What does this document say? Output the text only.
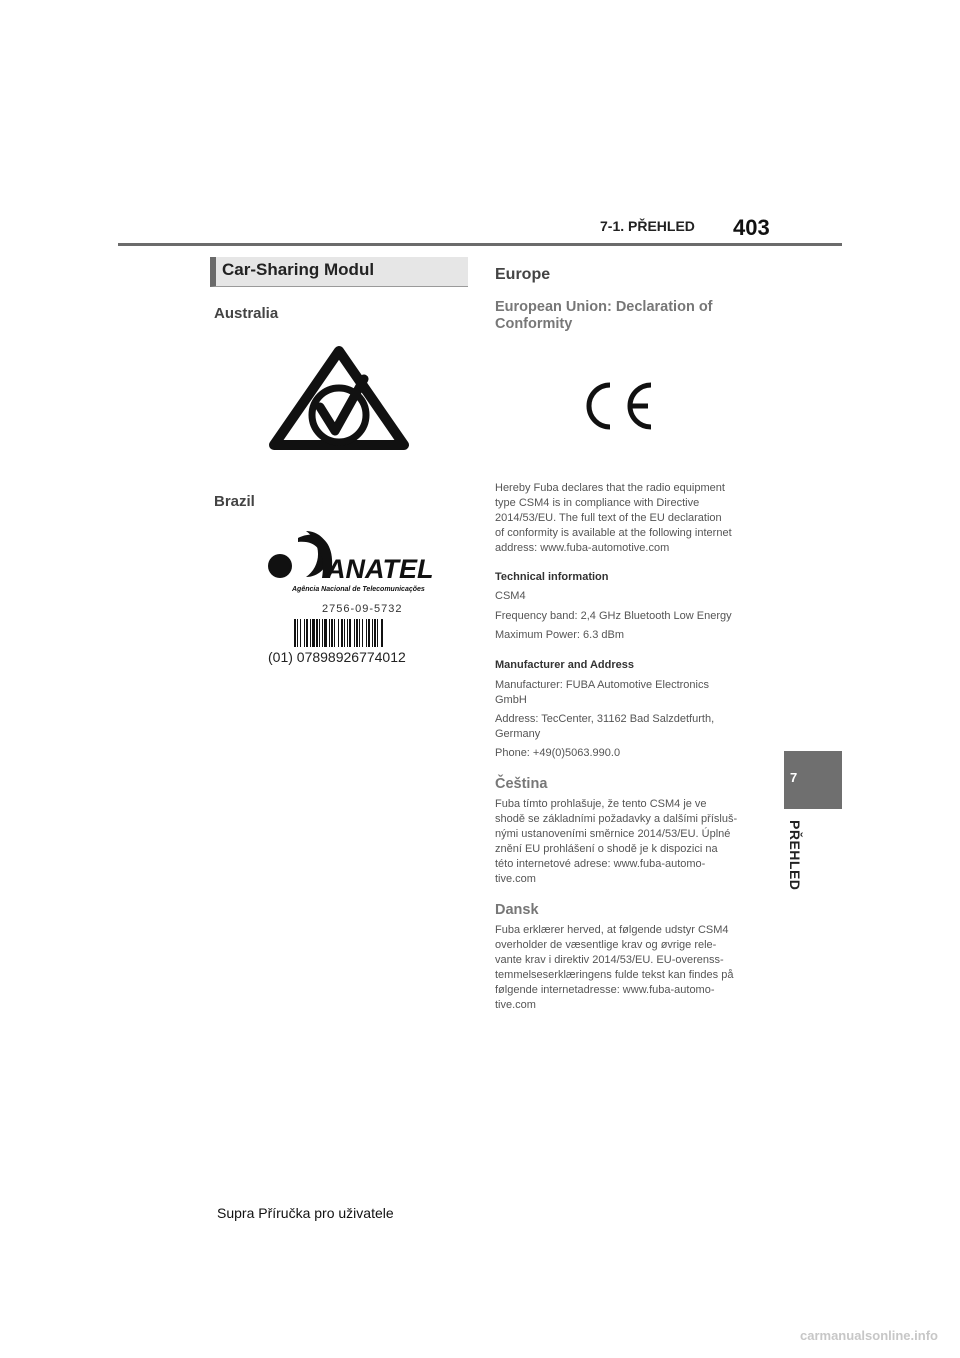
7-1. PŘEHLED 403
7
PŘEHLED
Car-Sharing Modul
Australia
Brazil
ANATEL
Agência Nacional de Telecomunicações
2756-09-5732
(01) 07898926774012
Europe
European Union: Declaration of
Conformity
Hereby Fuba declares that the radio equipment
type CSM4 is in compliance with Directive
2014/53/EU. The full text of the EU declaration
of conformity is available at the following internet
address: www.fuba-automotive.com
Technical information
CSM4
Frequency band: 2,4 GHz Bluetooth Low Energy
Maximum Power: 6.3 dBm
Manufacturer and Address
Manufacturer: FUBA Automotive Electronics
GmbH
Address: TecCenter, 31162 Bad Salzdetfurth,
Germany
Phone: +49(0)5063.990.0
Čeština
Fuba tímto prohlašuje, že tento CSM4 je ve
shodě se základními požadavky a dalšími přísluš-
nými ustanoveními směrnice 2014/53/EU. Úplné
znění EU prohlášení o shodě je k dispozici na
této internetové adrese: www.fuba-automo-
tive.com
Dansk
Fuba erklærer herved, at følgende udstyr CSM4
overholder de væsentlige krav og øvrige rele-
vante krav i direktiv 2014/53/EU. EU-overenss-
temmelseserklæringens fulde tekst kan findes på
følgende internetadresse: www.fuba-automo-
tive.com
Supra Příručka pro uživatele
carmanualsonline.info
